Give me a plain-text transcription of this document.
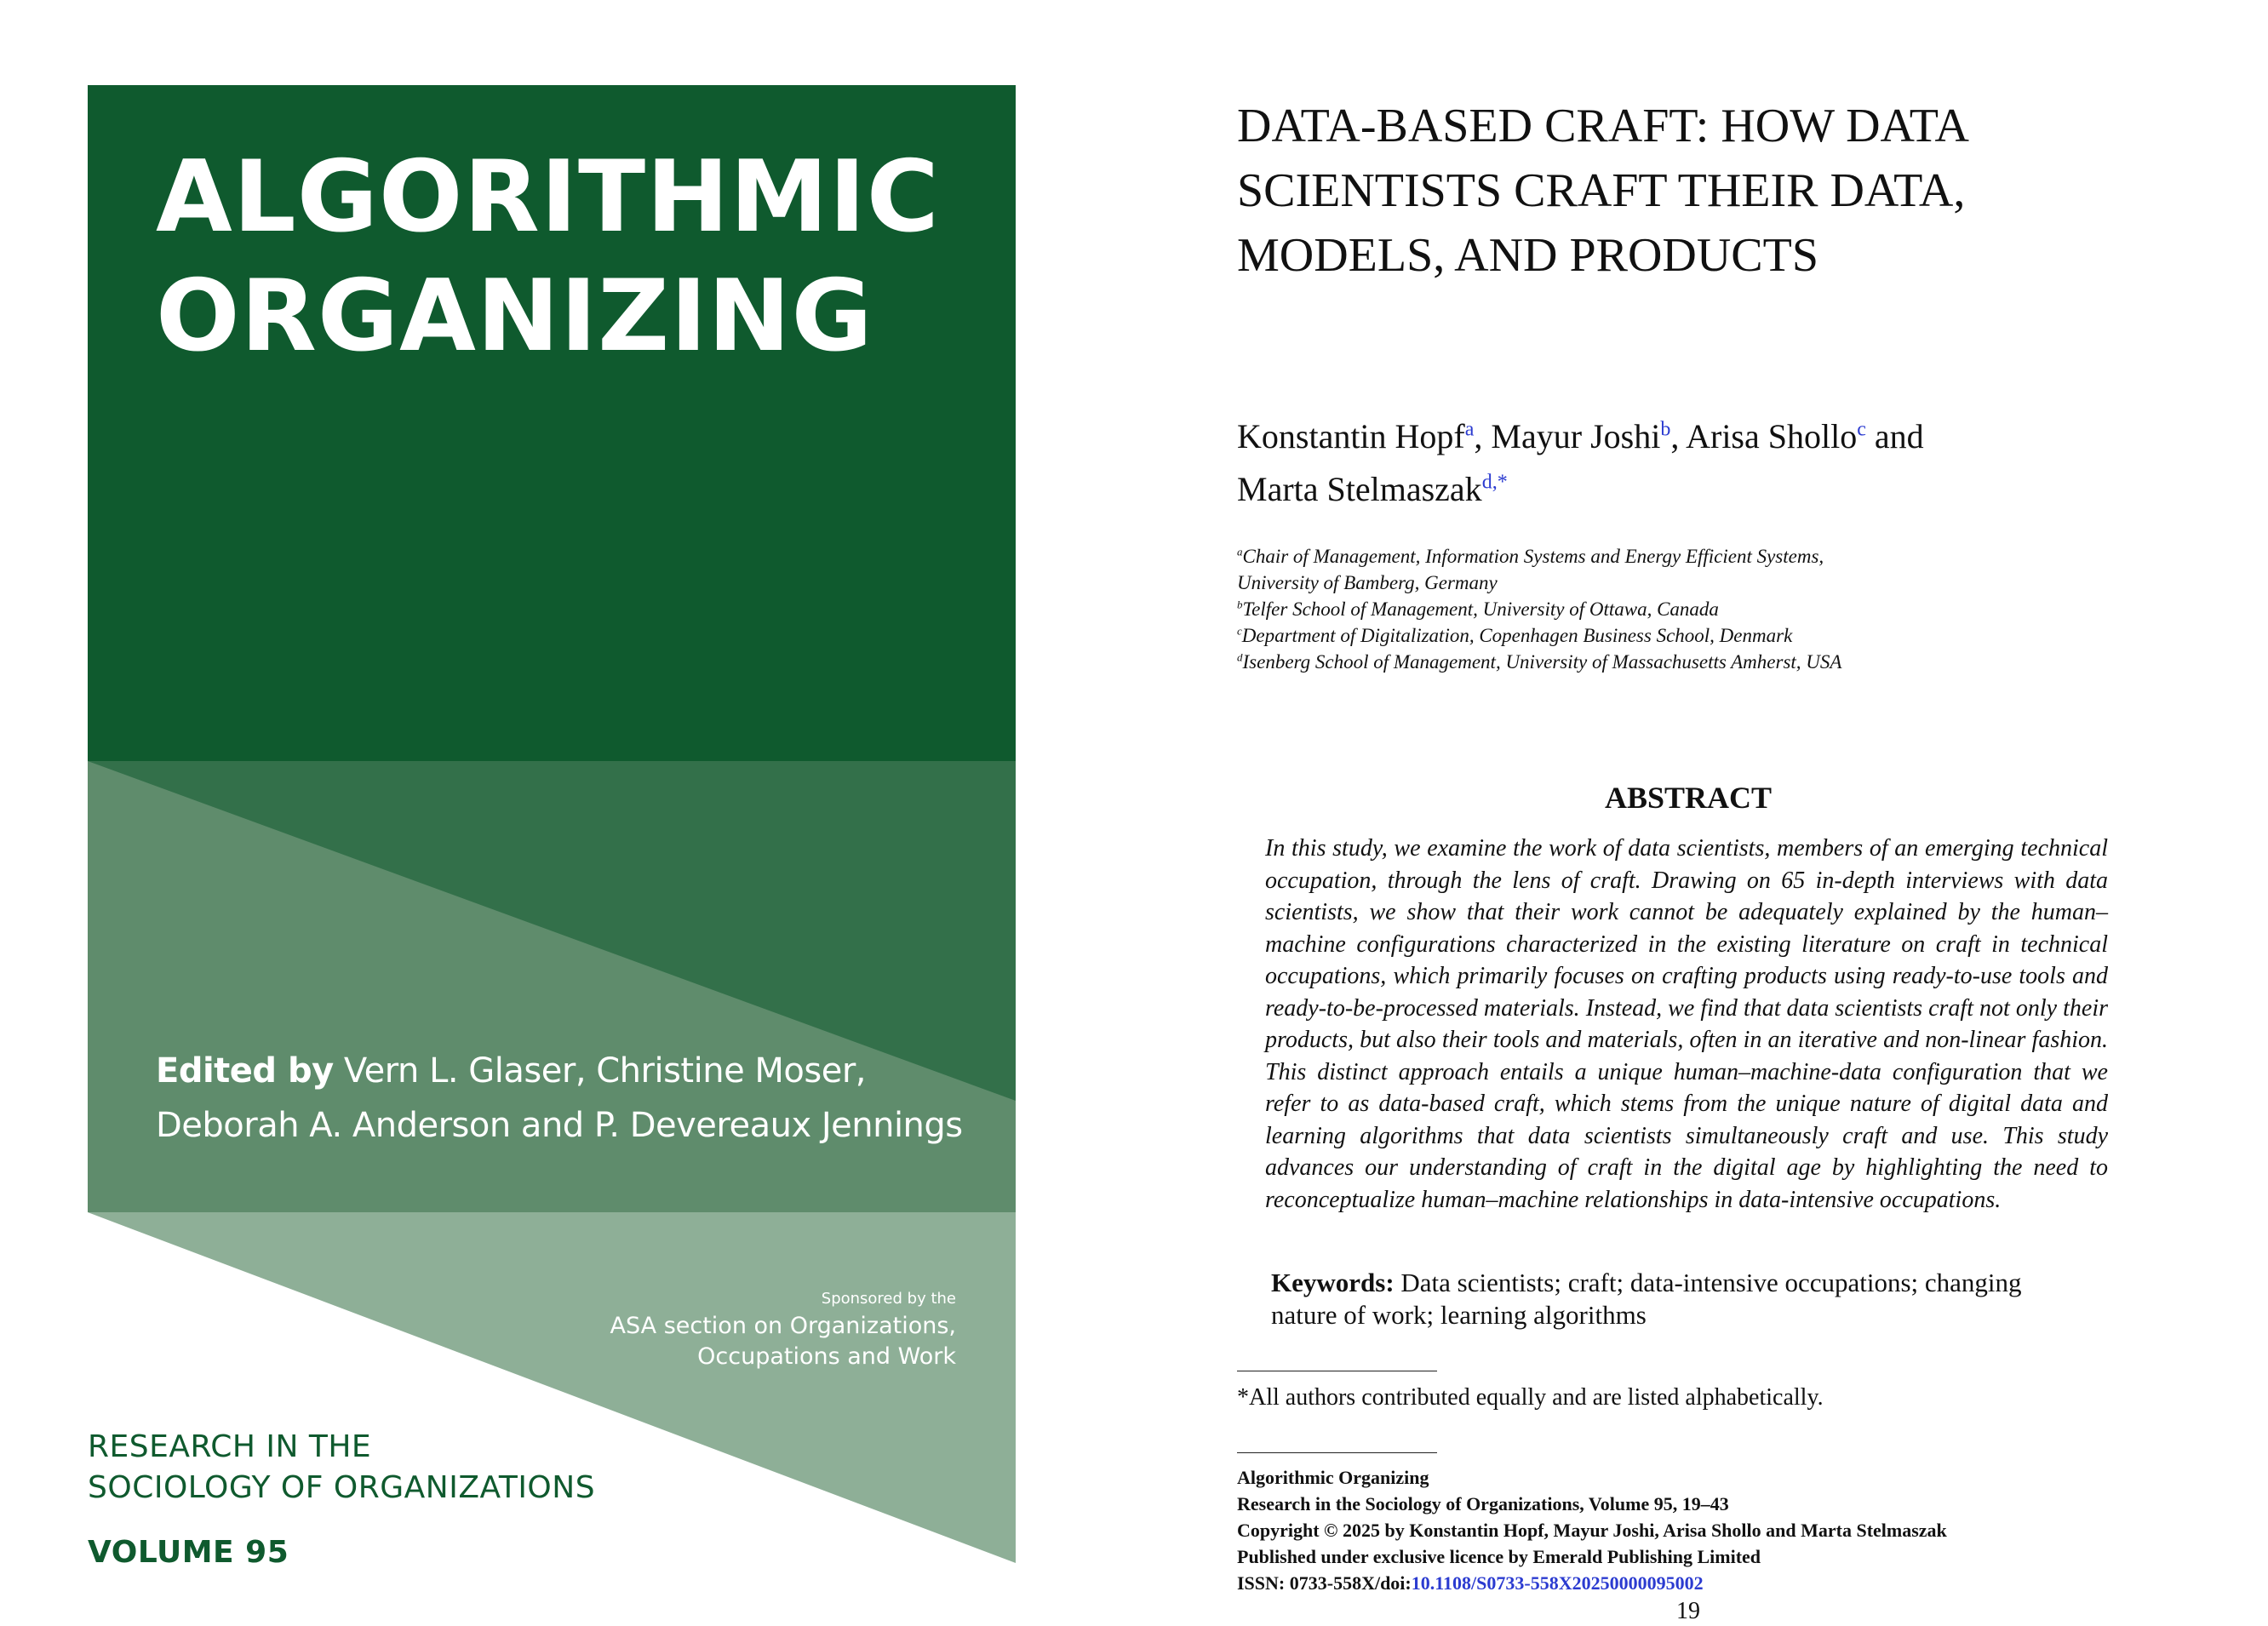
ALGORITHMIC
ORGANIZING
Edited by Vern L. Glaser, Christine Moser,
Deborah A. Anderson and P. Devereaux Jennings
Sponsored by the
ASA section on Organizations,
Occupations and Work
RESEARCH IN THE
SOCIOLOGY OF ORGANIZATIONS
VOLUME 95
DATA-BASED CRAFT: HOW DATA
SCIENTISTS CRAFT THEIR DATA,
MODELS, AND PRODUCTS
Konstantin Hopf$^a$, Mayur Joshi$^b$, Arisa Shollo$^c$ and
Marta Stelmaszak$^{d,*}$
$^a$Chair of Management, Information Systems and Energy Efficient Systems,
University of Bamberg, Germany
$^b$Telfer School of Management, University of Ottawa, Canada
$^c$Department of Digitalization, Copenhagen Business School, Denmark
$^d$Isenberg School of Management, University of Massachusetts Amherst, USA
ABSTRACT

In this study, we examine the work of data scientists, members of an emerging technical occupation, through the lens of craft. Drawing on 65 in-depth interviews with data scientists, we show that their work cannot be adequately explained by the human–machine configurations characterized in the existing literature on craft in technical occupations, which primarily focuses on crafting products using ready-to-use tools and ready-to-be-processed materials. Instead, we find that data scientists craft not only their products, but also their tools and materials, often in an iterative and non-linear fashion. This distinct approach entails a unique human–machine-data configuration that we refer to as data-based craft, which stems from the unique nature of digital data and learning algorithms that data scientists simultaneously craft and use. This study advances our understanding of craft in the digital age by highlighting the need to reconceptualize human–machine relationships in data-intensive occupations.

Keywords: Data scientists; craft; data-intensive occupations; changing nature of work; learning algorithms
*All authors contributed equally and are listed alphabetically.
Algorithmic Organizing
Research in the Sociology of Organizations, Volume 95, 19–43
Copyright © 2025 by Konstantin Hopf, Mayur Joshi, Arisa Shollo and Marta Stelmaszak
Published under exclusive licence by Emerald Publishing Limited
ISSN: 0733-558X/doi:10.1108/S0733-558X20250000095002
19
